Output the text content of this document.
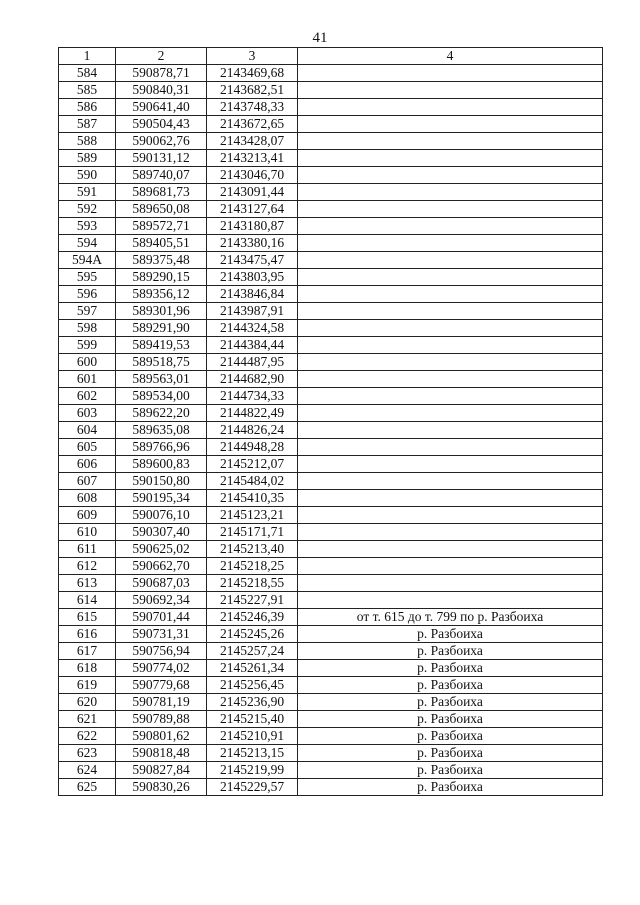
41
1	2	3	4
584	590878,71	2143469,68	
585	590840,31	2143682,51	
586	590641,40	2143748,33	
587	590504,43	2143672,65	
588	590062,76	2143428,07	
589	590131,12	2143213,41	
590	589740,07	2143046,70	
591	589681,73	2143091,44	
592	589650,08	2143127,64	
593	589572,71	2143180,87	
594	589405,51	2143380,16	
594А	589375,48	2143475,47	
595	589290,15	2143803,95	
596	589356,12	2143846,84	
597	589301,96	2143987,91	
598	589291,90	2144324,58	
599	589419,53	2144384,44	
600	589518,75	2144487,95	
601	589563,01	2144682,90	
602	589534,00	2144734,33	
603	589622,20	2144822,49	
604	589635,08	2144826,24	
605	589766,96	2144948,28	
606	589600,83	2145212,07	
607	590150,80	2145484,02	
608	590195,34	2145410,35	
609	590076,10	2145123,21	
610	590307,40	2145171,71	
611	590625,02	2145213,40	
612	590662,70	2145218,25	
613	590687,03	2145218,55	
614	590692,34	2145227,91	
615	590701,44	2145246,39	от т. 615 до т. 799 по р. Разбоиха
616	590731,31	2145245,26	р. Разбоиха
617	590756,94	2145257,24	р. Разбоиха
618	590774,02	2145261,34	р. Разбоиха
619	590779,68	2145256,45	р. Разбоиха
620	590781,19	2145236,90	р. Разбоиха
621	590789,88	2145215,40	р. Разбоиха
622	590801,62	2145210,91	р. Разбоиха
623	590818,48	2145213,15	р. Разбоиха
624	590827,84	2145219,99	р. Разбоиха
625	590830,26	2145229,57	р. Разбоиха
